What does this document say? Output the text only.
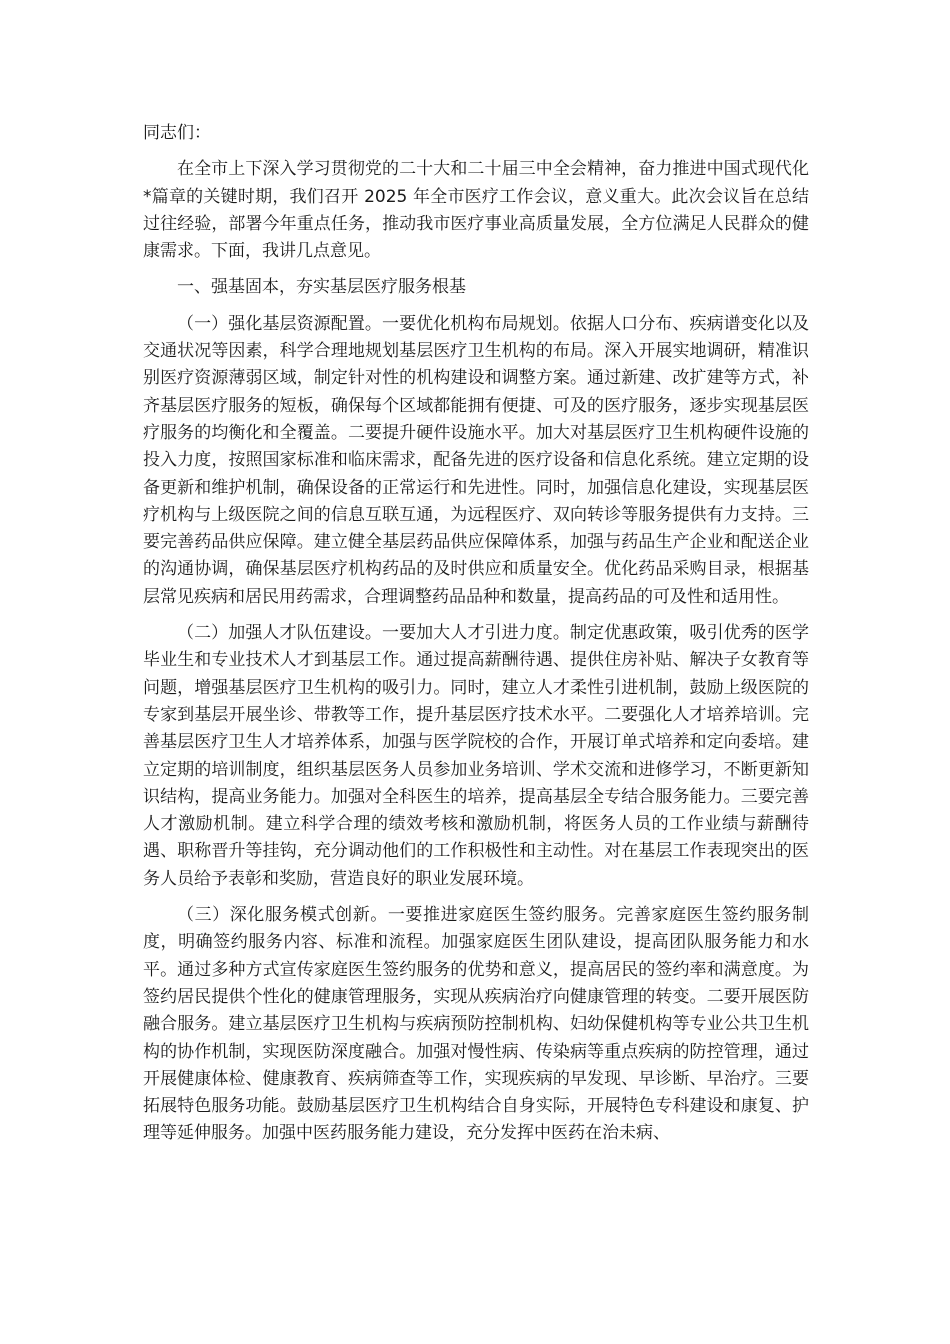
同志们：

在全市上下深入学习贯彻党的二十大和二十届三中全会精神，奋力推进中国式现代化*篇章的关键时期，我们召开 2025 年全市医疗工作会议，意义重大。此次会议旨在总结过往经验，部署今年重点任务，推动我市医疗事业高质量发展，全方位满足人民群众的健康需求。下面，我讲几点意见。

一、强基固本，夯实基层医疗服务根基

（一）强化基层资源配置。一要优化机构布局规划。依据人口分布、疾病谱变化以及交通状况等因素，科学合理地规划基层医疗卫生机构的布局。深入开展实地调研，精准识别医疗资源薄弱区域，制定针对性的机构建设和调整方案。通过新建、改扩建等方式，补齐基层医疗服务的短板，确保每个区域都能拥有便捷、可及的医疗服务，逐步实现基层医疗服务的均衡化和全覆盖。二要提升硬件设施水平。加大对基层医疗卫生机构硬件设施的投入力度，按照国家标准和临床需求，配备先进的医疗设备和信息化系统。建立定期的设备更新和维护机制，确保设备的正常运行和先进性。同时，加强信息化建设，实现基层医疗机构与上级医院之间的信息互联互通，为远程医疗、双向转诊等服务提供有力支持。三要完善药品供应保障。建立健全基层药品供应保障体系，加强与药品生产企业和配送企业的沟通协调，确保基层医疗机构药品的及时供应和质量安全。优化药品采购目录，根据基层常见疾病和居民用药需求，合理调整药品品种和数量，提高药品的可及性和适用性。

（二）加强人才队伍建设。一要加大人才引进力度。制定优惠政策，吸引优秀的医学毕业生和专业技术人才到基层工作。通过提高薪酬待遇、提供住房补贴、解决子女教育等问题，增强基层医疗卫生机构的吸引力。同时，建立人才柔性引进机制，鼓励上级医院的专家到基层开展坐诊、带教等工作，提升基层医疗技术水平。二要强化人才培养培训。完善基层医疗卫生人才培养体系，加强与医学院校的合作，开展订单式培养和定向委培。建立定期的培训制度，组织基层医务人员参加业务培训、学术交流和进修学习，不断更新知识结构，提高业务能力。加强对全科医生的培养，提高基层全专结合服务能力。三要完善人才激励机制。建立科学合理的绩效考核和激励机制，将医务人员的工作业绩与薪酬待遇、职称晋升等挂钩，充分调动他们的工作积极性和主动性。对在基层工作表现突出的医务人员给予表彰和奖励，营造良好的职业发展环境。

（三）深化服务模式创新。一要推进家庭医生签约服务。完善家庭医生签约服务制度，明确签约服务内容、标准和流程。加强家庭医生团队建设，提高团队服务能力和水平。通过多种方式宣传家庭医生签约服务的优势和意义，提高居民的签约率和满意度。为签约居民提供个性化的健康管理服务，实现从疾病治疗向健康管理的转变。二要开展医防融合服务。建立基层医疗卫生机构与疾病预防控制机构、妇幼保健机构等专业公共卫生机构的协作机制，实现医防深度融合。加强对慢性病、传染病等重点疾病的防控管理，通过开展健康体检、健康教育、疾病筛查等工作，实现疾病的早发现、早诊断、早治疗。三要拓展特色服务功能。鼓励基层医疗卫生机构结合自身实际，开展特色专科建设和康复、护理等延伸服务。加强中医药服务能力建设，充分发挥中医药在治未病、
